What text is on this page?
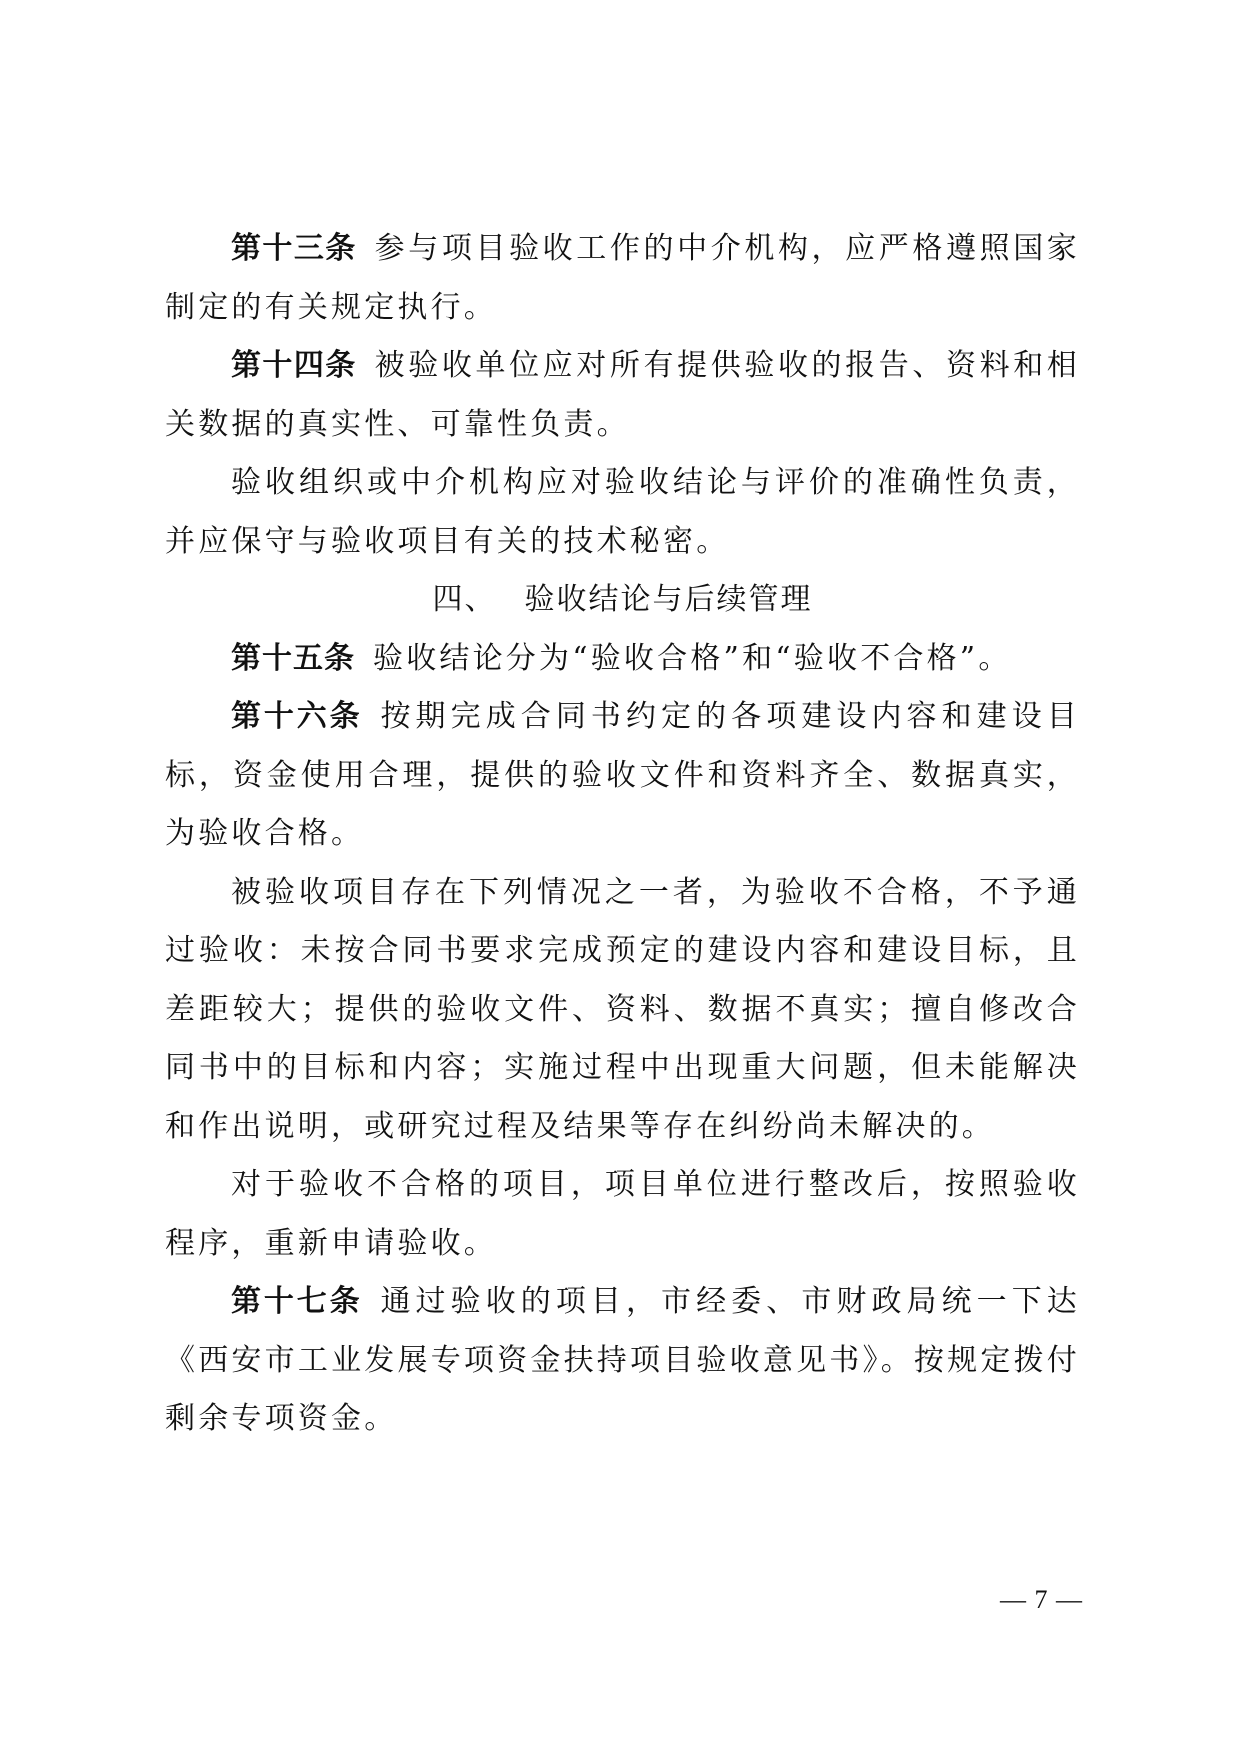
第十三条 参与项目验收工作的中介机构，应严格遵照国家制定的有关规定执行。

第十四条 被验收单位应对所有提供验收的报告、资料和相关数据的真实性、可靠性负责。

验收组织或中介机构应对验收结论与评价的准确性负责，并应保守与验收项目有关的技术秘密。

四、 验收结论与后续管理

第十五条 验收结论分为“验收合格”和“验收不合格”。

第十六条 按期完成合同书约定的各项建设内容和建设目标，资金使用合理，提供的验收文件和资料齐全、数据真实，为验收合格。

被验收项目存在下列情况之一者，为验收不合格，不予通过验收：未按合同书要求完成预定的建设内容和建设目标，且差距较大；提供的验收文件、资料、数据不真实；擅自修改合同书中的目标和内容；实施过程中出现重大问题，但未能解决和作出说明，或研究过程及结果等存在纠纷尚未解决的。

对于验收不合格的项目，项目单位进行整改后，按照验收程序，重新申请验收。

第十七条 通过验收的项目，市经委、市财政局统一下达《西安市工业发展专项资金扶持项目验收意见书》。按规定拨付剩余专项资金。

— 7 —
